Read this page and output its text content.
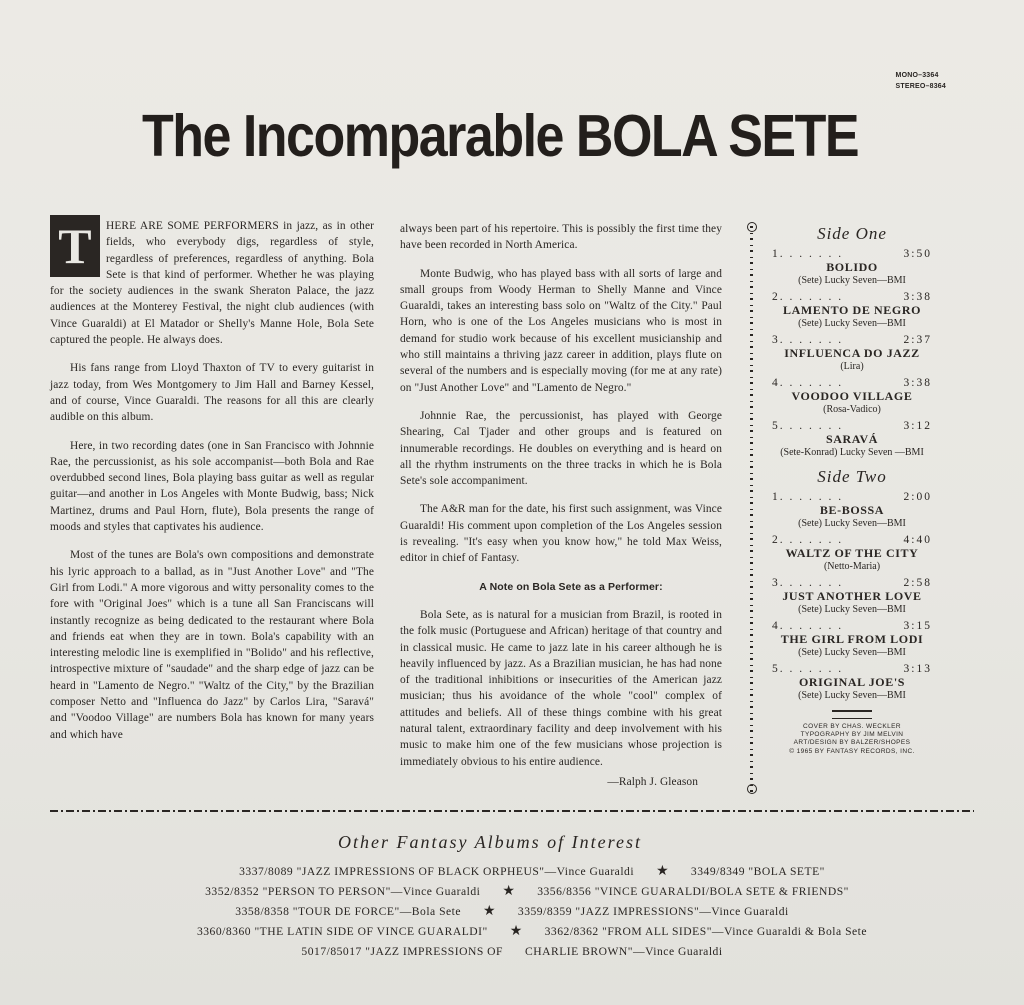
MONO–3364
STEREO–8364
The Incomparable BOLA SETE

T	HERE ARE SOME PERFORMERS in jazz, as in other fields, who everybody digs, regardless of style, regardless of preferences, regardless of anything. Bola Sete is that kind of performer. Whether he was playing for the society audiences in the swank Sheraton Palace, the jazz audiences at the Monterey Festival, the night club audiences (with Vince Guaraldi) at El Matador or Shelly's Manne Hole, Bola Sete captured the people. He always does.

His fans range from Lloyd Thaxton of TV to every guitarist in jazz today, from Wes Montgomery to Jim Hall and Barney Kessel, and of course, Vince Guaraldi. The reasons for all this are clearly audible on this album.

Here, in two recording dates (one in San Francisco with Johnnie Rae, the percussionist, as his sole accompanist—both Bola and Rae overdubbed second lines, Bola playing bass guitar as well as regular guitar—and another in Los Angeles with Monte Budwig, bass; Nick Martinez, drums and Paul Horn, flute), Bola presents the range of moods and styles that captivates his audience.

Most of the tunes are Bola's own compositions and demonstrate his lyric approach to a ballad, as in "Just Another Love" and "The Girl from Lodi." A more vigorous and witty personality comes to the fore with "Original Joes" which is a tune all San Franciscans will instantly recognize as being dedicated to the restaurant where Bola and friends eat when they are in town. Bola's capability with an interesting melodic line is exemplified in "Bolido" and his reflective, introspective mixture of "saudade" and the sharp edge of jazz can be heard in "Lamento de Negro." "Waltz of the City," by the Brazilian composer Netto and "Influenca do Jazz" by Carlos Lira, "Saravá" and "Voodoo Village" are numbers Bola has known for many years and which have

always been part of his repertoire. This is possibly the first time they have been recorded in North America.

Monte Budwig, who has played bass with all sorts of large and small groups from Woody Herman to Shelly Manne and Vince Guaraldi, takes an interesting bass solo on "Waltz of the City." Paul Horn, who is one of the Los Angeles musicians who is most in demand for studio work because of his excellent musicianship and who still maintains a thriving jazz career in addition, plays flute on several of the numbers and is especially moving (for me at any rate) on "Just Another Love" and "Lamento de Negro."

Johnnie Rae, the percussionist, has played with George Shearing, Cal Tjader and other groups and is featured on innumerable recordings. He doubles on everything and is heard on all the rhythm instruments on the three tracks in which he is Bola Sete's sole accompaniment.

The A&R man for the date, his first such assignment, was Vince Guaraldi! His comment upon completion of the Los Angeles session is revealing. "It's easy when you know how," he told Max Weiss, editor in chief of Fantasy.

A Note on Bola Sete as a Performer:

Bola Sete, as is natural for a musician from Brazil, is rooted in the folk music (Portuguese and African) heritage of that country and in classical music. He came to jazz late in his career although he is heavily influenced by jazz. As a Brazilian musician, he has had none of the traditional inhibitions or insecurities of the American jazz musician; thus his avoidance of the whole "cool" complex of attitudes and beliefs. All of these things combine with his great natural talent, extraordinary facility and deep involvement with his music to make him one of the few musicians whose projection is immediately obvious to his entire audience.

—Ralph J. Gleason

Side One
1. . . . . . .	3:50
BOLIDO
(Sete) Lucky Seven—BMI
2. . . . . . .	3:38
LAMENTO DE NEGRO
(Sete) Lucky Seven—BMI
3. . . . . . .	2:37
INFLUENCA DO JAZZ
(Lira)
4. . . . . . .	3:38
VOODOO VILLAGE
(Rosa-Vadico)
5. . . . . . .	3:12
SARAVÁ
(Sete-Konrad) Lucky Seven —BMI
Side Two
1. . . . . . .	2:00
BE-BOSSA
(Sete) Lucky Seven—BMI
2. . . . . . .	4:40
WALTZ OF THE CITY
(Netto-Maria)
3. . . . . . .	2:58
JUST ANOTHER LOVE
(Sete) Lucky Seven—BMI
4. . . . . . .	3:15
THE GIRL FROM LODI
(Sete) Lucky Seven—BMI
5. . . . . . .	3:13
ORIGINAL JOE'S
(Sete) Lucky Seven—BMI
COVER BY CHAS. WECKLER
TYPOGRAPHY BY JIM MELVIN
ART/DESIGN BY BALZER/SHOPES
© 1965 BY FANTASY RECORDS, INC.
Other Fantasy Albums of Interest
3337/8089 "JAZZ IMPRESSIONS OF BLACK ORPHEUS"—Vince Guaraldi ★ 3349/8349 "BOLA SETE"
3352/8352 "PERSON TO PERSON"—Vince Guaraldi ★ 3356/8356 "VINCE GUARALDI/BOLA SETE & FRIENDS"
3358/8358 "TOUR DE FORCE"—Bola Sete ★ 3359/8359 "JAZZ IMPRESSIONS"—Vince Guaraldi
3360/8360 "THE LATIN SIDE OF VINCE GUARALDI" ★ 3362/8362 "FROM ALL SIDES"—Vince Guaraldi & Bola Sete
5017/85017 "JAZZ IMPRESSIONS OF CHARLIE BROWN"—Vince Guaraldi
